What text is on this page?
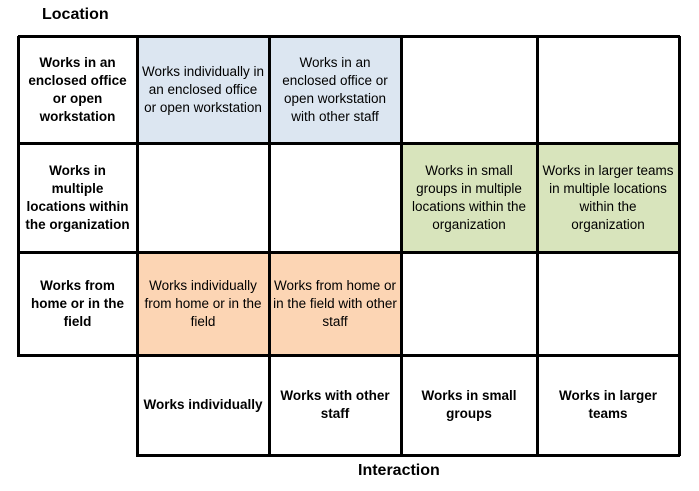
Location
Works in an enclosed office or open workstation
Works individually in an enclosed office or open workstation
Works in an enclosed office or open workstation with other staff
Works in multiple locations within the organization
Works in small groups in multiple locations within the organization
Works in larger teams in multiple locations within the organization
Works from home or in the field
Works individually from home or in the field
Works from home or in the field with other staff
Works individually
Works with other staff
Works in small groups
Works in larger teams
Interaction
